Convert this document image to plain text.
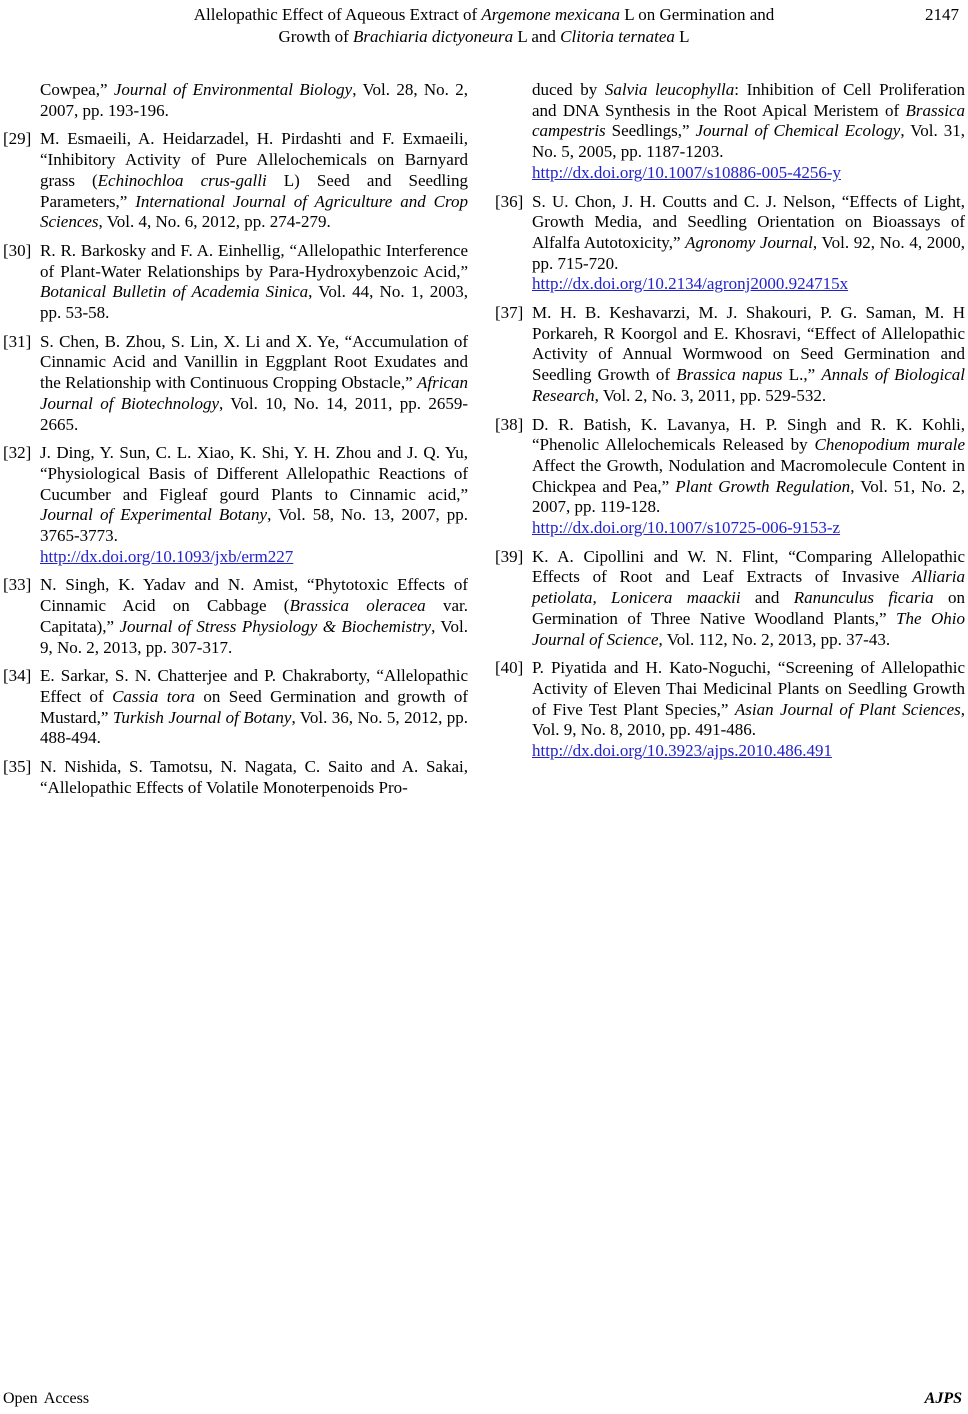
Allelopathic Effect of Aqueous Extract of Argemone mexicana L on Germination and
Growth of Brachiaria dictyoneura L and Clitoria ternatea L
2147
Cowpea,” Journal of Environmental Biology, Vol. 28, No. 2, 2007, pp. 193-196.
[29] M. Esmaeili, A. Heidarzadel, H. Pirdashti and F. Exmaeili, “Inhibitory Activity of Pure Allelochemicals on Barnyard grass (Echinochloa crus-galli L) Seed and Seedling Parameters,” International Journal of Agriculture and Crop Sciences, Vol. 4, No. 6, 2012, pp. 274-279.
[30] R. R. Barkosky and F. A. Einhellig, “Allelopathic Interference of Plant-Water Relationships by Para-Hydroxybenzoic Acid,” Botanical Bulletin of Academia Sinica, Vol. 44, No. 1, 2003, pp. 53-58.
[31] S. Chen, B. Zhou, S. Lin, X. Li and X. Ye, “Accumulation of Cinnamic Acid and Vanillin in Eggplant Root Exudates and the Relationship with Continuous Cropping Obstacle,” African Journal of Biotechnology, Vol. 10, No. 14, 2011, pp. 2659-2665.
[32] J. Ding, Y. Sun, C. L. Xiao, K. Shi, Y. H. Zhou and J. Q. Yu, “Physiological Basis of Different Allelopathic Reactions of Cucumber and Figleaf gourd Plants to Cinnamic acid,” Journal of Experimental Botany, Vol. 58, No. 13, 2007, pp. 3765-3773.
http://dx.doi.org/10.1093/jxb/erm227
[33] N. Singh, K. Yadav and N. Amist, “Phytotoxic Effects of Cinnamic Acid on Cabbage (Brassica oleracea var. Capitata),” Journal of Stress Physiology & Biochemistry, Vol. 9, No. 2, 2013, pp. 307-317.
[34] E. Sarkar, S. N. Chatterjee and P. Chakraborty, “Allelopathic Effect of Cassia tora on Seed Germination and growth of Mustard,” Turkish Journal of Botany, Vol. 36, No. 5, 2012, pp. 488-494.
[35] N. Nishida, S. Tamotsu, N. Nagata, C. Saito and A. Sakai, “Allelopathic Effects of Volatile Monoterpenoids Pro-
duced by Salvia leucophylla: Inhibition of Cell Proliferation and DNA Synthesis in the Root Apical Meristem of Brassica campestris Seedlings,” Journal of Chemical Ecology, Vol. 31, No. 5, 2005, pp. 1187-1203.
http://dx.doi.org/10.1007/s10886-005-4256-y
[36] S. U. Chon, J. H. Coutts and C. J. Nelson, “Effects of Light, Growth Media, and Seedling Orientation on Bioassays of Alfalfa Autotoxicity,” Agronomy Journal, Vol. 92, No. 4, 2000, pp. 715-720.
http://dx.doi.org/10.2134/agronj2000.924715x
[37] M. H. B. Keshavarzi, M. J. Shakouri, P. G. Saman, M. H Porkareh, R Koorgol and E. Khosravi, “Effect of Allelopathic Activity of Annual Wormwood on Seed Germination and Seedling Growth of Brassica napus L.,” Annals of Biological Research, Vol. 2, No. 3, 2011, pp. 529-532.
[38] D. R. Batish, K. Lavanya, H. P. Singh and R. K. Kohli, “Phenolic Allelochemicals Released by Chenopodium murale Affect the Growth, Nodulation and Macromolecule Content in Chickpea and Pea,” Plant Growth Regulation, Vol. 51, No. 2, 2007, pp. 119-128.
http://dx.doi.org/10.1007/s10725-006-9153-z
[39] K. A. Cipollini and W. N. Flint, “Comparing Allelopathic Effects of Root and Leaf Extracts of Invasive Alliaria petiolata, Lonicera maackii and Ranunculus ficaria on Germination of Three Native Woodland Plants,” The Ohio Journal of Science, Vol. 112, No. 2, 2013, pp. 37-43.
[40] P. Piyatida and H. Kato-Noguchi, “Screening of Allelopathic Activity of Eleven Thai Medicinal Plants on Seedling Growth of Five Test Plant Species,” Asian Journal of Plant Sciences, Vol. 9, No. 8, 2010, pp. 491-486.
http://dx.doi.org/10.3923/ajps.2010.486.491
Open Access	AJPS
